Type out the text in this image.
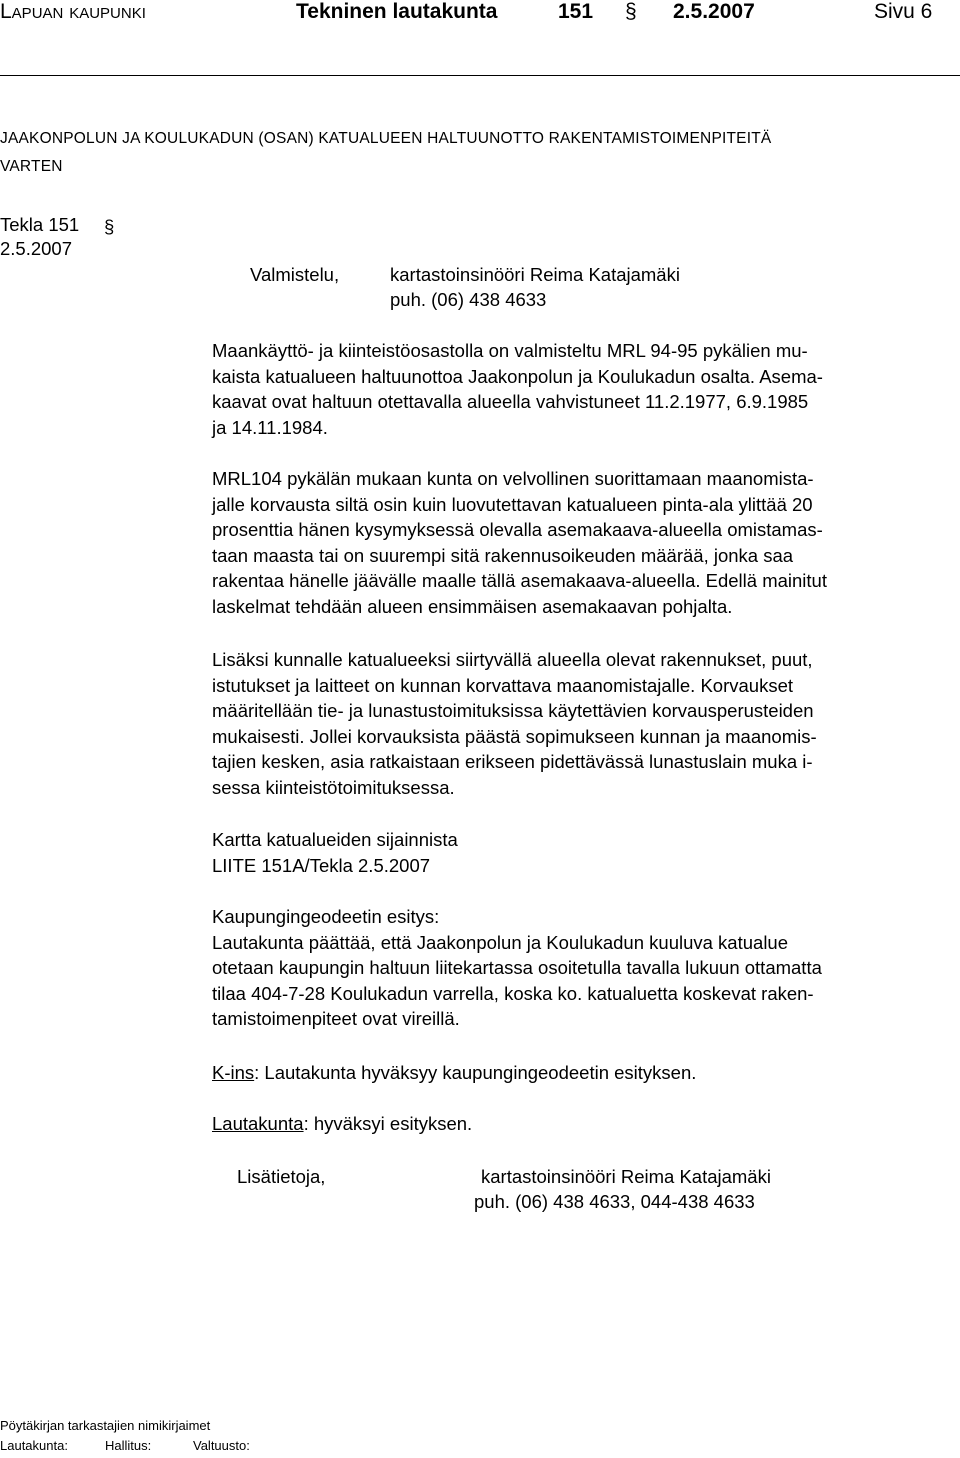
Lapuan kaupunki	Tekninen lautakunta	151 § 2.5.2007	Sivu 6
JAAKONPOLUN JA KOULUKADUN (OSAN) KATUALUEEN HALTUUNOTTO RAKENTAMISTOIMENPITEITÄ
VARTEN
Tekla 151 §
2.5.2007
Valmistelu,	kartastoinsinööri Reima Katajamäki
puh. (06) 438 4633
Maankäyttö- ja kiinteistöosastolla on valmisteltu MRL 94-95 pykälien mu-
kaista katualueen haltuunottoa Jaakonpolun ja Koulukadun osalta. Asema-
kaavat ovat haltuun otettavalla alueella vahvistuneet 11.2.1977, 6.9.1985
ja 14.11.1984.
MRL104 pykälän mukaan kunta on velvollinen suorittamaan maanomista-
jalle korvausta siltä osin kuin luovutettavan katualueen pinta-ala ylittää 20
prosenttia hänen kysymyksessä olevalla asemakaava-alueella omistamas-
taan maasta tai on suurempi sitä rakennusoikeuden määrää, jonka saa
rakentaa hänelle jäävälle maalle tällä asemakaava-alueella. Edellä mainitut
laskelmat tehdään alueen ensimmäisen asemakaavan pohjalta.
Lisäksi kunnalle katualueeksi siirtyvällä alueella olevat rakennukset, puut,
istutukset ja laitteet on kunnan korvattava maanomistajalle. Korvaukset
määritellään tie- ja lunastustoimituksissa käytettävien korvausperusteiden
mukaisesti. Jollei korvauksista päästä sopimukseen kunnan ja maanomis-
tajien kesken, asia ratkaistaan erikseen pidettävässä lunastuslain muka i-
sessa kiinteistötoimituksessa.
Kartta katualueiden sijainnista
LIITE 151A/Tekla 2.5.2007
Kaupungingeodeetin esitys:
Lautakunta päättää, että Jaakonpolun ja Koulukadun kuuluva katualue
otetaan kaupungin haltuun liitekartassa osoitetulla tavalla lukuun ottamatta
tilaa 404-7-28 Koulukadun varrella, koska ko. katualuetta koskevat raken-
tamistoimenpiteet ovat vireillä.
K-ins: Lautakunta hyväksyy kaupungingeodeetin esityksen.
Lautakunta: hyväksyi esityksen.
Lisätietoja,	kartastoinsinööri Reima Katajamäki
puh. (06) 438 4633, 044-438 4633
Pöytäkirjan tarkastajien nimikirjaimet
Lautakunta:	Hallitus:	Valtuusto:
